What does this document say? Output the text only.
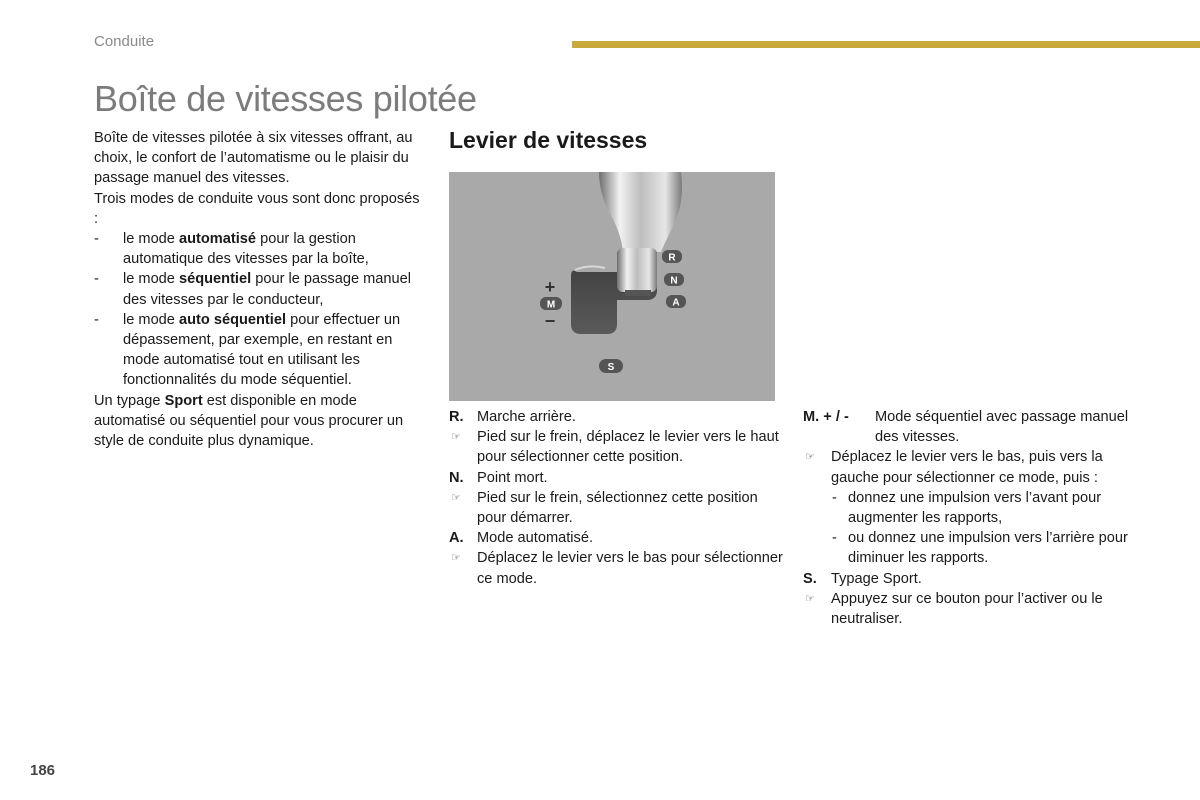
Conduite
Boîte de vitesses pilotée

Boîte de vitesses pilotée à six vitesses offrant, au choix, le confort de l’automatisme ou le plaisir du passage manuel des vitesses.

Trois modes de conduite vous sont donc proposés :

- le mode automatisé pour la gestion automatique des vitesses par la boîte,
- le mode séquentiel pour le passage manuel des vitesses par le conducteur,
- le mode auto séquentiel pour effectuer un dépassement, par exemple, en restant en mode automatisé tout en utilisant les fonctionnalités du mode séquentiel.

Un typage Sport est disponible en mode automatisé ou séquentiel pour vous procurer un style de conduite plus dynamique.

Levier de vitesses
R
N
A
M
+
−
S
R. Marche arrière.
☞ Pied sur le frein, déplacez le levier vers le haut pour sélectionner cette position.
N. Point mort.
☞ Pied sur le frein, sélectionnez cette position pour démarrer.
A. Mode automatisé.
☞ Déplacez le levier vers le bas pour sélectionner ce mode.
M. + / - Mode séquentiel avec passage manuel des vitesses.
☞ Déplacez le levier vers le bas, puis vers la gauche pour sélectionner ce mode, puis :
- donnez une impulsion vers l’avant pour augmenter les rapports,
- ou donnez une impulsion vers l’arrière pour diminuer les rapports.
S. Typage Sport.
☞ Appuyez sur ce bouton pour l’activer ou le neutraliser.
186
